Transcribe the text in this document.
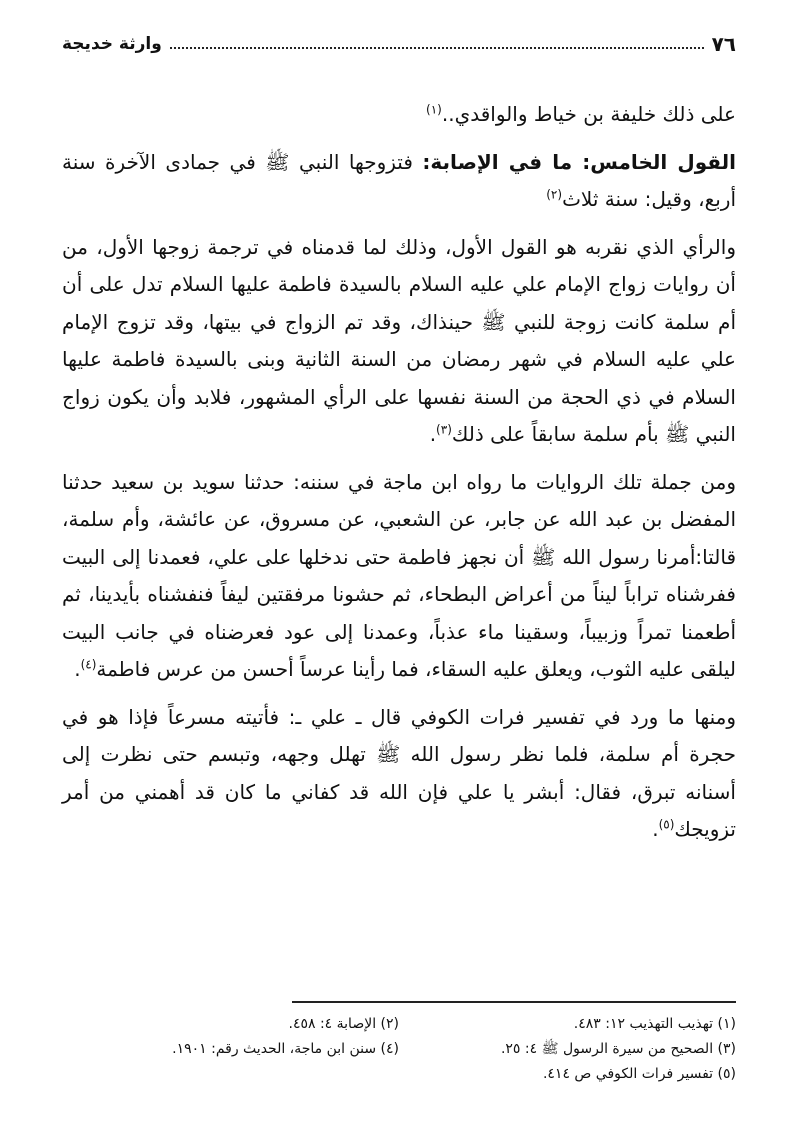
٧٦
وارثة خديجة

على ذلك خليفة بن خياط والواقدي..$^{(١)}$

القول الخامس: ما في الإصابة: فتزوجها النبي ﷺ في جمادى الآخرة سنة أربع، وقيل: سنة ثلاث$^{(٢)}$

والرأي الذي نقربه هو القول الأول، وذلك لما قدمناه في ترجمة زوجها الأول، من أن روايات زواج الإمام علي عليه السلام بالسيدة فاطمة عليها السلام تدل على أن أم سلمة كانت زوجة للنبي ﷺ حينذاك، وقد تم الزواج في بيتها، وقد تزوج الإمام علي عليه السلام في شهر رمضان من السنة الثانية وبنى بالسيدة فاطمة عليها السلام في ذي الحجة من السنة نفسها على الرأي المشهور، فلابد وأن يكون زواج النبي ﷺ بأم سلمة سابقاً على ذلك$^{(٣)}$.

ومن جملة تلك الروايات ما رواه ابن ماجة في سننه: حدثنا سويد بن سعيد حدثنا المفضل بن عبد الله عن جابر، عن الشعبي، عن مسروق، عن عائشة، وأم سلمة، قالتا:أمرنا رسول الله ﷺ أن نجهز فاطمة حتى ندخلها على علي، فعمدنا إلى البيت ففرشناه تراباً ليناً من أعراض البطحاء، ثم حشونا مرفقتين ليفاً فنفشناه بأيدينا، ثم أطعمنا تمراً وزبيباً، وسقينا ماء عذباً، وعمدنا إلى عود فعرضناه في جانب البيت ليلقى عليه الثوب، ويعلق عليه السقاء، فما رأينا عرساً أحسن من عرس فاطمة$^{(٤)}$.

ومنها ما ورد في تفسير فرات الكوفي قال ـ علي ـ: فأتيته مسرعاً فإذا هو في حجرة أم سلمة، فلما نظر رسول الله ﷺ تهلل وجهه، وتبسم حتى نظرت إلى أسنانه تبرق، فقال: أبشر يا علي فإن الله قد كفاني ما كان قد أهمني من أمر تزويجك$^{(٥)}$.

(١) تهذيب التهذيب ١٢: ٤٨٣.
(٢) الإصابة ٤: ٤٥٨.
(٣) الصحيح من سيرة الرسول ﷺ ٤: ٢٥.
(٤) سنن ابن ماجة، الحديث رقم: ١٩٠١.
(٥) تفسير فرات الكوفي ص ٤١٤.
